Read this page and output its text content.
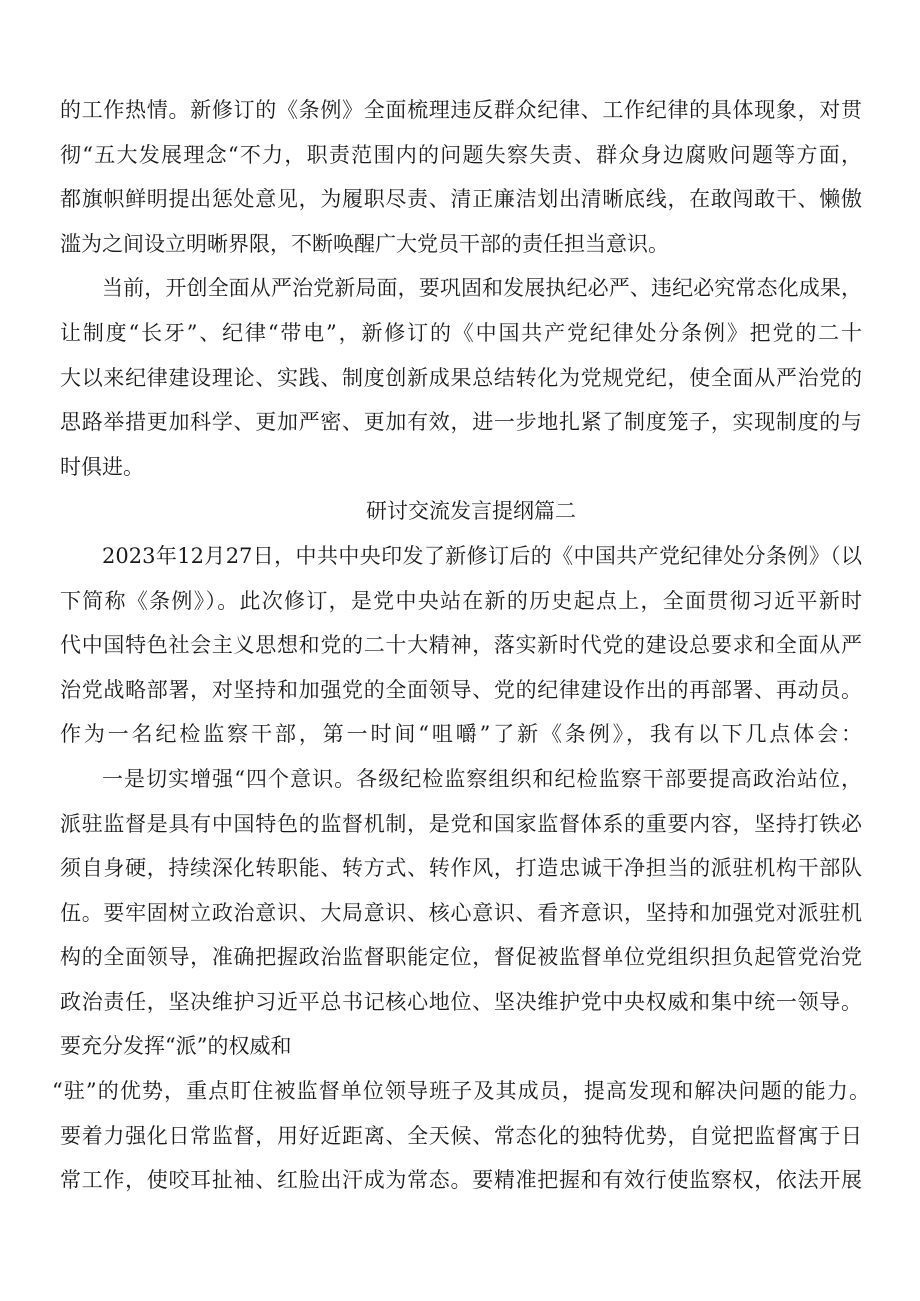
的工作热情。新修订的《条例》全面梳理违反群众纪律、工作纪律的具体现象，对贯
彻“五大发展理念“不力，职责范围内的问题失察失责、群众身边腐败问题等方面，
都旗帜鲜明提出惩处意见，为履职尽责、清正廉洁划出清晰底线，在敢闯敢干、懒傲
滥为之间设立明晰界限，不断唤醒广大党员干部的责任担当意识。
当前，开创全面从严治党新局面，要巩固和发展执纪必严、违纪必究常态化成果，
让制度“长牙”、纪律“带电”，新修订的《中国共产党纪律处分条例》把党的二十
大以来纪律建设理论、实践、制度创新成果总结转化为党规党纪，使全面从严治党的
思路举措更加科学、更加严密、更加有效，进一步地扎紧了制度笼子，实现制度的与
时俱进。
研讨交流发言提纲篇二
2023年12月27日，中共中央印发了新修订后的《中国共产党纪律处分条例》（以
下简称《条例》）。此次修订，是党中央站在新的历史起点上，全面贯彻习近平新时
代中国特色社会主义思想和党的二十大精神，落实新时代党的建设总要求和全面从严
治党战略部署，对坚持和加强党的全面领导、党的纪律建设作出的再部署、再动员。
作为一名纪检监察干部，第一时间“咀嚼”了新《条例》，我有以下几点体会：
一是切实增强“四个意识。各级纪检监察组织和纪检监察干部要提高政治站位，
派驻监督是具有中国特色的监督机制，是党和国家监督体系的重要内容，坚持打铁必
须自身硬，持续深化转职能、转方式、转作风，打造忠诚干净担当的派驻机构干部队
伍。要牢固树立政治意识、大局意识、核心意识、看齐意识，坚持和加强党对派驻机
构的全面领导，准确把握政治监督职能定位，督促被监督单位党组织担负起管党治党
政治责任，坚决维护习近平总书记核心地位、坚决维护党中央权威和集中统一领导。
要充分发挥“派”的权威和
“驻”的优势，重点盯住被监督单位领导班子及其成员，提高发现和解决问题的能力。
要着力强化日常监督，用好近距离、全天候、常态化的独特优势，自觉把监督寓于日
常工作，使咬耳扯袖、红脸出汗成为常态。要精准把握和有效行使监察权，依法开展
